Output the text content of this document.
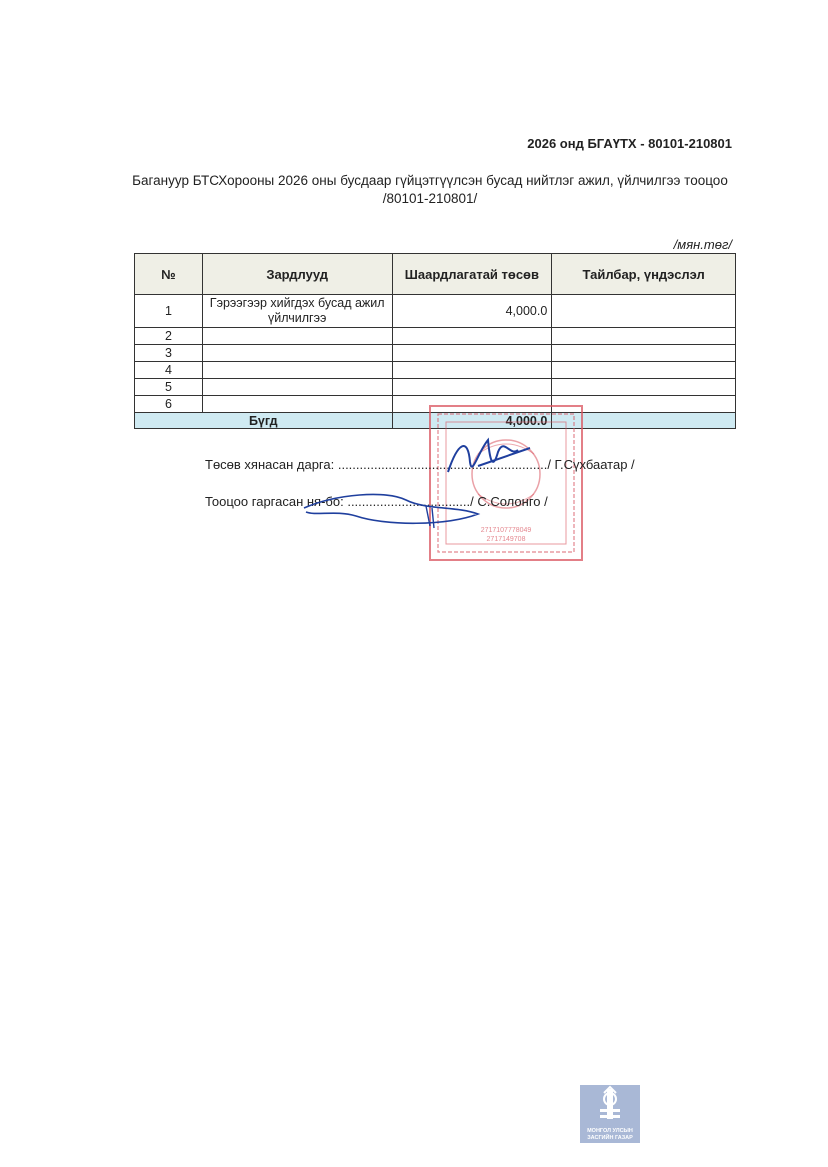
2026 онд БГАҮТХ - 80101-210801
Багануур БТСХорооны 2026 оны бусдаар гүйцэтгүүлсэн бусад нийтлэг ажил, үйлчилгээ тооцоо /80101-210801/
/мян.төг/
№	Зардлууд	Шаардлагатай төсөв	Тайлбар, үндэслэл
1	Гэрээгээр хийгдэх бусад ажил үйлчилгээ	4,000.0	
2			
3			
4			
5			
6			
Бүгд		4,000.0	
2717107778049
2717149708
Төсөв хянасан дарга: ........................................................../ Г.Сүхбаатар /
Тооцоо гаргасан ня-бо: ................................../ С.Солонго /
МОНГОЛ УЛСЫН
ЗАСГИЙН ГАЗАР
